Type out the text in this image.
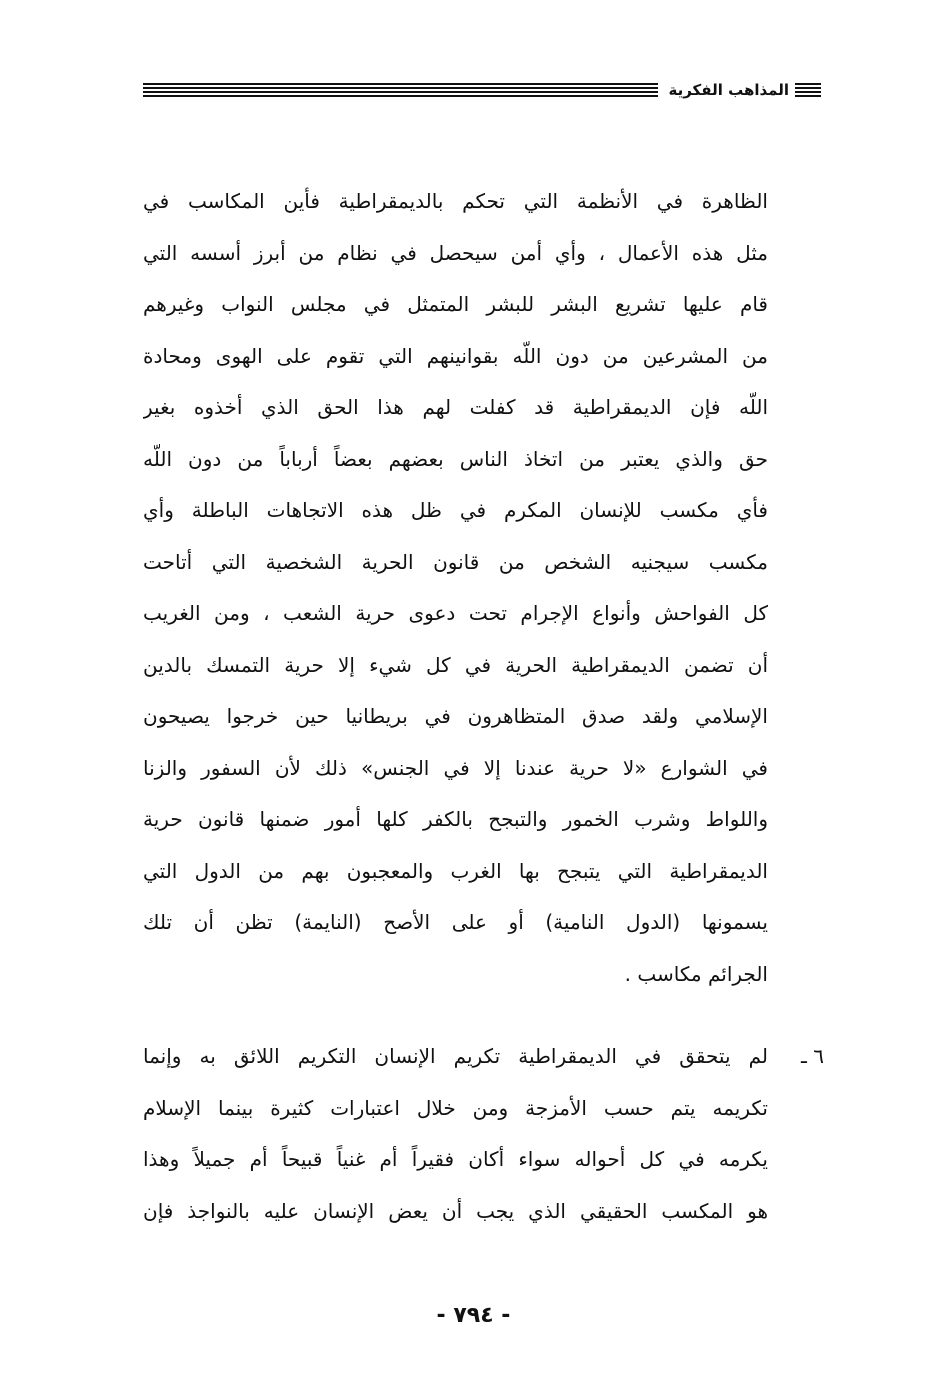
المذاهب الفكرية
الظاهرة في الأنظمة التي تحكم بالديمقراطية فأين المكاسب في
مثل هذه الأعمال ، وأي أمن سيحصل في نظام من أبرز أسسه التي
قام عليها تشريع البشر للبشر المتمثل في مجلس النواب وغيرهم
من المشرعين من دون اللّه بقوانينهم التي تقوم على الهوى ومحادة
اللّه فإن الديمقراطية قد كفلت لهم هذا الحق الذي أخذوه بغير
حق والذي يعتبر من اتخاذ الناس بعضهم بعضاً أرباباً من دون اللّه
فأي مكسب للإنسان المكرم في ظل هذه الاتجاهات الباطلة وأي
مكسب سيجنيه الشخص من قانون الحرية الشخصية التي أتاحت
كل الفواحش وأنواع الإجرام تحت دعوى حرية الشعب ، ومن الغريب
أن تضمن الديمقراطية الحرية في كل شيء إلا حرية التمسك بالدين
الإسلامي ولقد صدق المتظاهرون في بريطانيا حين خرجوا يصيحون
في الشوارع «لا حرية عندنا إلا في الجنس» ذلك لأن السفور والزنا
واللواط وشرب الخمور والتبجح بالكفر كلها أمور ضمنها قانون حرية
الديمقراطية التي يتبجح بها الغرب والمعجبون بهم من الدول التي
يسمونها (الدول النامية) أو على الأصح (النايمة) تظن أن تلك
الجرائم مكاسب .
٦ ـ
لم يتحقق في الديمقراطية تكريم الإنسان التكريم اللائق به وإنما
تكريمه يتم حسب الأمزجة ومن خلال اعتبارات كثيرة بينما الإسلام
يكرمه في كل أحواله سواء أكان فقيراً أم غنياً قبيحاً أم جميلاً وهذا
هو المكسب الحقيقي الذي يجب أن يعض الإنسان عليه بالنواجذ فإن
- ٧٩٤ -
